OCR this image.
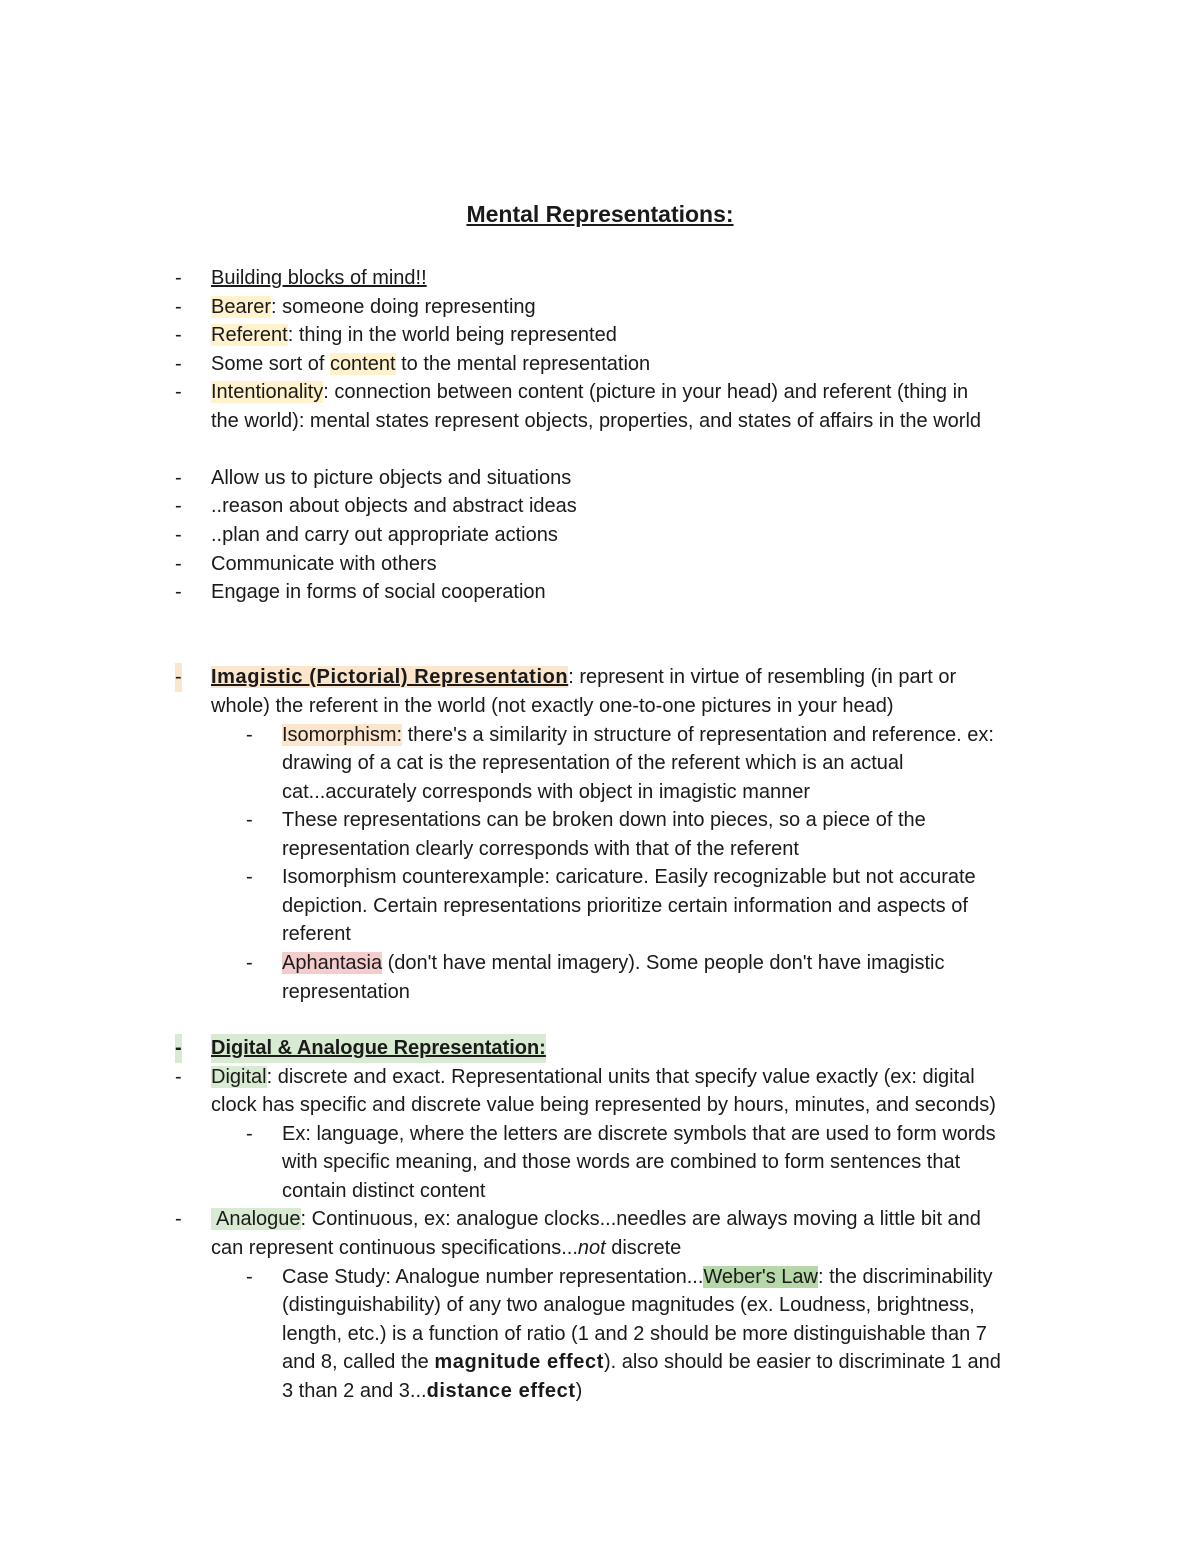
Mental Representations:
- Building blocks of mind!!
- Bearer: someone doing representing
- Referent: thing in the world being represented
- Some sort of content to the mental representation
- Intentionality: connection between content (picture in your head) and referent (thing in
the world): mental states represent objects, properties, and states of affairs in the world
- Allow us to picture objects and situations
- ..reason about objects and abstract ideas
- ..plan and carry out appropriate actions
- Communicate with others
- Engage in forms of social cooperation
- Imagistic (Pictorial) Representation: represent in virtue of resembling (in part or
whole) the referent in the world (not exactly one-to-one pictures in your head)
- Isomorphism: there's a similarity in structure of representation and reference. ex:
drawing of a cat is the representation of the referent which is an actual
cat...accurately corresponds with object in imagistic manner
- These representations can be broken down into pieces, so a piece of the
representation clearly corresponds with that of the referent
- Isomorphism counterexample: caricature. Easily recognizable but not accurate
depiction. Certain representations prioritize certain information and aspects of
referent
- Aphantasia (don't have mental imagery). Some people don't have imagistic
representation
- Digital & Analogue Representation:
- Digital: discrete and exact. Representational units that specify value exactly (ex: digital
clock has specific and discrete value being represented by hours, minutes, and seconds)
- Ex: language, where the letters are discrete symbols that are used to form words
with specific meaning, and those words are combined to form sentences that
contain distinct content
- Analogue: Continuous, ex: analogue clocks...needles are always moving a little bit and
can represent continuous specifications...not discrete
- Case Study: Analogue number representation...Weber's Law: the discriminability
(distinguishability) of any two analogue magnitudes (ex. Loudness, brightness,
length, etc.) is a function of ratio (1 and 2 should be more distinguishable than 7
and 8, called the magnitude effect). also should be easier to discriminate 1 and
3 than 2 and 3...distance effect)
